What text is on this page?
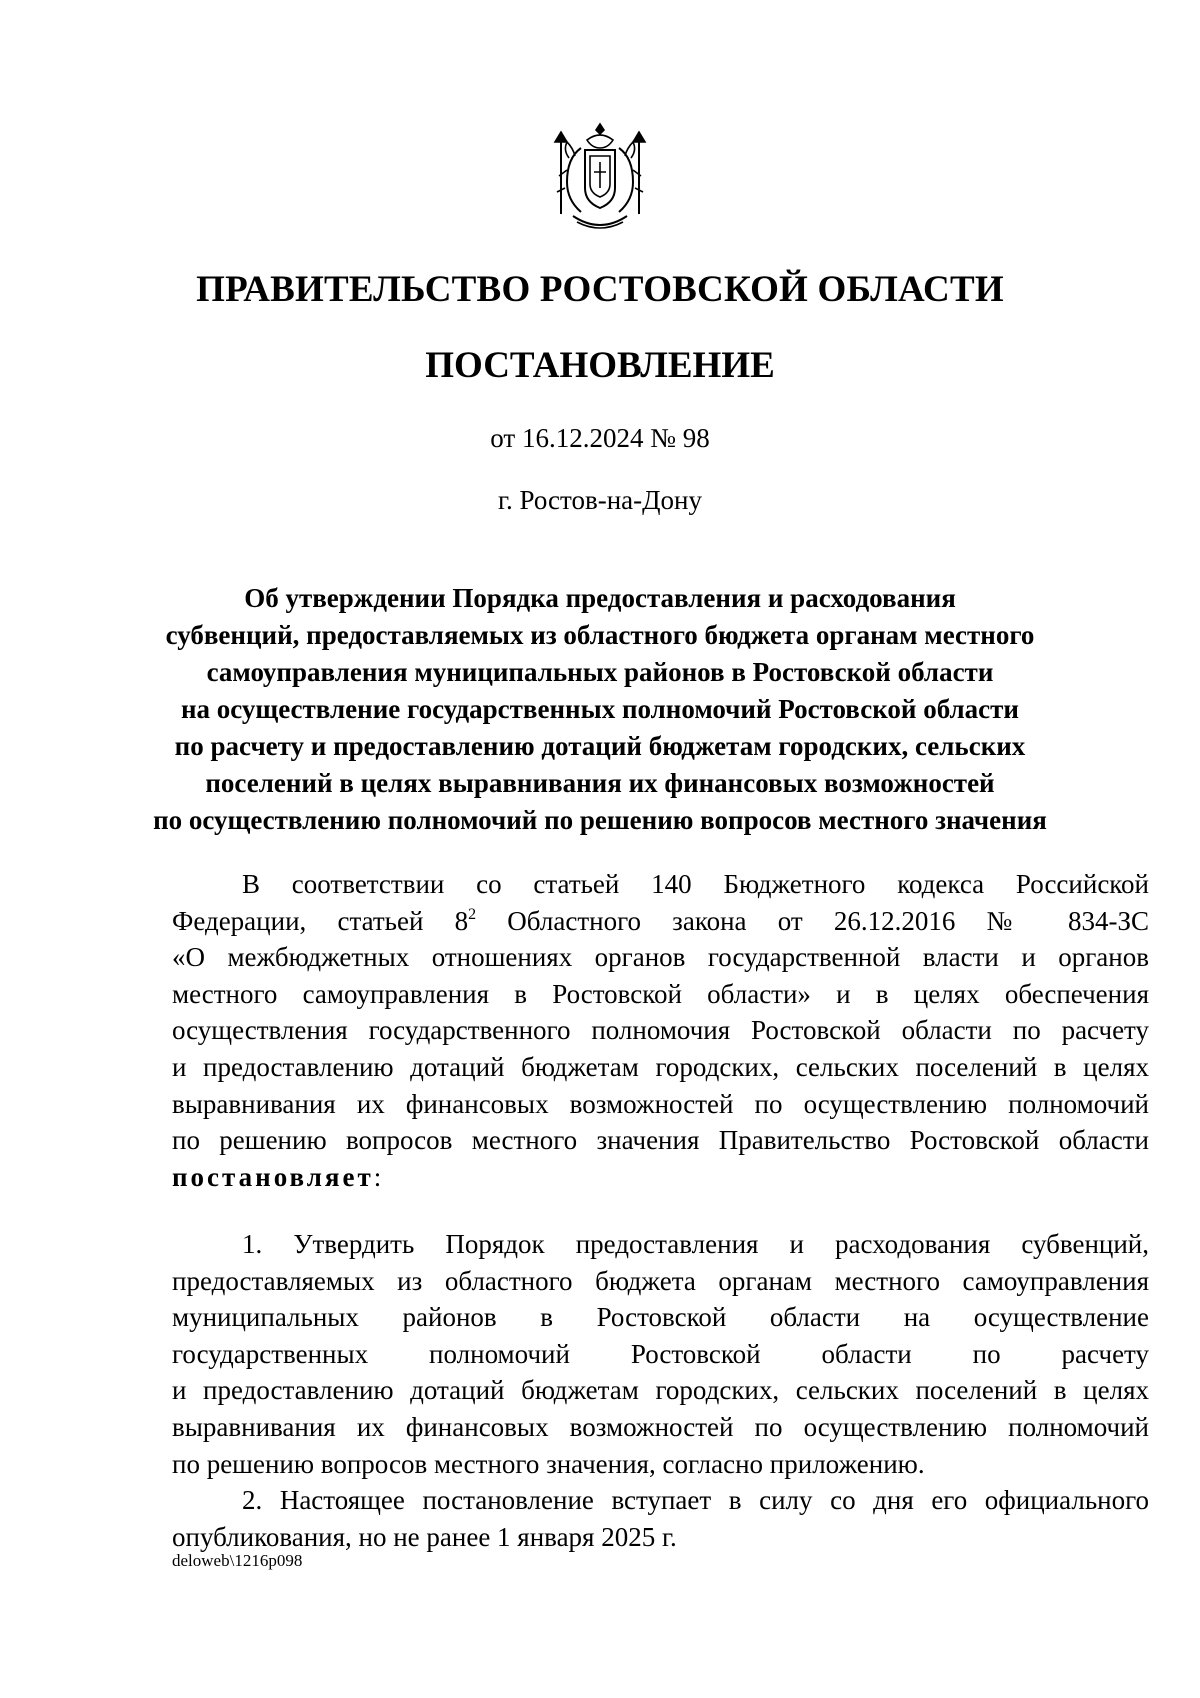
ПРАВИТЕЛЬСТВО РОСТОВСКОЙ ОБЛАСТИ
ПОСТАНОВЛЕНИЕ
от 16.12.2024 № 98
г. Ростов-на-Дону
Об утверждении Порядка предоставления и расходования
субвенций, предоставляемых из областного бюджета органам местного
самоуправления муниципальных районов в Ростовской области
на осуществление государственных полномочий Ростовской области
по расчету и предоставлению дотаций бюджетам городских, сельских
поселений в целях выравнивания их финансовых возможностей
по осуществлению полномочий по решению вопросов местного значения
В соответствии со статьей 140 Бюджетного кодекса Российской
Федерации, статьей $8^2$ Областного закона от 26.12.2016 № 834-ЗС
«О межбюджетных отношениях органов государственной власти и органов
местного самоуправления в Ростовской области» и в целях обеспечения
осуществления государственного полномочия Ростовской области по расчету
и предоставлению дотаций бюджетам городских, сельских поселений в целях
выравнивания их финансовых возможностей по осуществлению полномочий
по решению вопросов местного значения Правительство Ростовской области
постановляет:
1. Утвердить Порядок предоставления и расходования субвенций,
предоставляемых из областного бюджета органам местного самоуправления
муниципальных районов в Ростовской области на осуществление
государственных полномочий Ростовской области по расчету
и предоставлению дотаций бюджетам городских, сельских поселений в целях
выравнивания их финансовых возможностей по осуществлению полномочий
по решению вопросов местного значения, согласно приложению.
2. Настоящее постановление вступает в силу со дня его официального
опубликования, но не ранее 1 января 2025 г.
deloweb\1216p098
